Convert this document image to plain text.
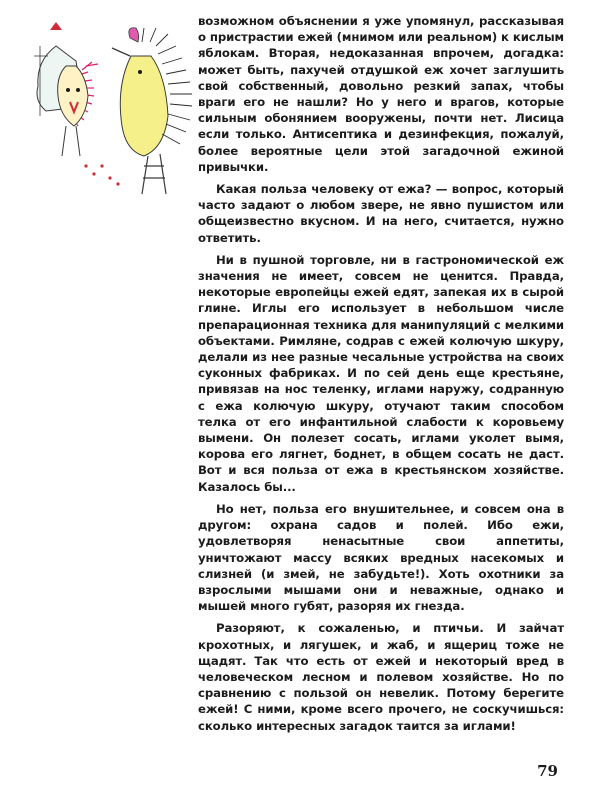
возможном объяснении я уже упомянул, рассказывая о пристрастии ежей (мнимом или реальном) к кислым яблокам. Вторая, недоказанная впрочем, догадка: может быть, пахучей отдушкой еж хочет заглушить свой собственный, довольно резкий запах, чтобы враги его не нашли? Но у него и врагов, которые сильным обонянием вооружены, почти нет. Лисица если только. Антисептика и дезинфекция, пожалуй, более вероятные цели этой загадочной ежиной привычки.

Какая польза человеку от ежа? — вопрос, который часто задают о любом звере, не явно пушистом или общеизвестно вкусном. И на него, считается, нужно ответить.

Ни в пушной торговле, ни в гастрономической еж значения не имеет, совсем не ценится. Правда, некоторые европейцы ежей едят, запекая их в сырой глине. Иглы его использует в небольшом числе препарационная техника для манипуляций с мелкими объектами. Римляне, содрав с ежей колючую шкуру, делали из нее разные чесальные устройства на своих суконных фабриках. И по сей день еще крестьяне, привязав на нос теленку, иглами наружу, содранную с ежа колючую шкуру, отучают таким способом телка от его инфантильной слабости к коровьему вымени. Он полезет сосать, иглами уколет вымя, корова его лягнет, боднет, в общем сосать не даст. Вот и вся польза от ежа в крестьянском хозяйстве. Казалось бы...

Но нет, польза его внушительнее, и совсем она в другом: охрана садов и полей. Ибо ежи, удовлетворяя ненасытные свои аппетиты, уничтожают массу всяких вредных насекомых и слизней (и змей, не забудьте!). Хоть охотники за взрослыми мышами они и неважные, однако и мышей много губят, разоряя их гнезда.

Разоряют, к сожаленью, и птичьи. И зайчат крохотных, и лягушек, и жаб, и ящериц тоже не щадят. Так что есть от ежей и некоторый вред в человеческом лесном и полевом хозяйстве. Но по сравнению с пользой он невелик. Потому берегите ежей! С ними, кроме всего прочего, не соскучишься: сколько интересных загадок таится за иглами!

79
